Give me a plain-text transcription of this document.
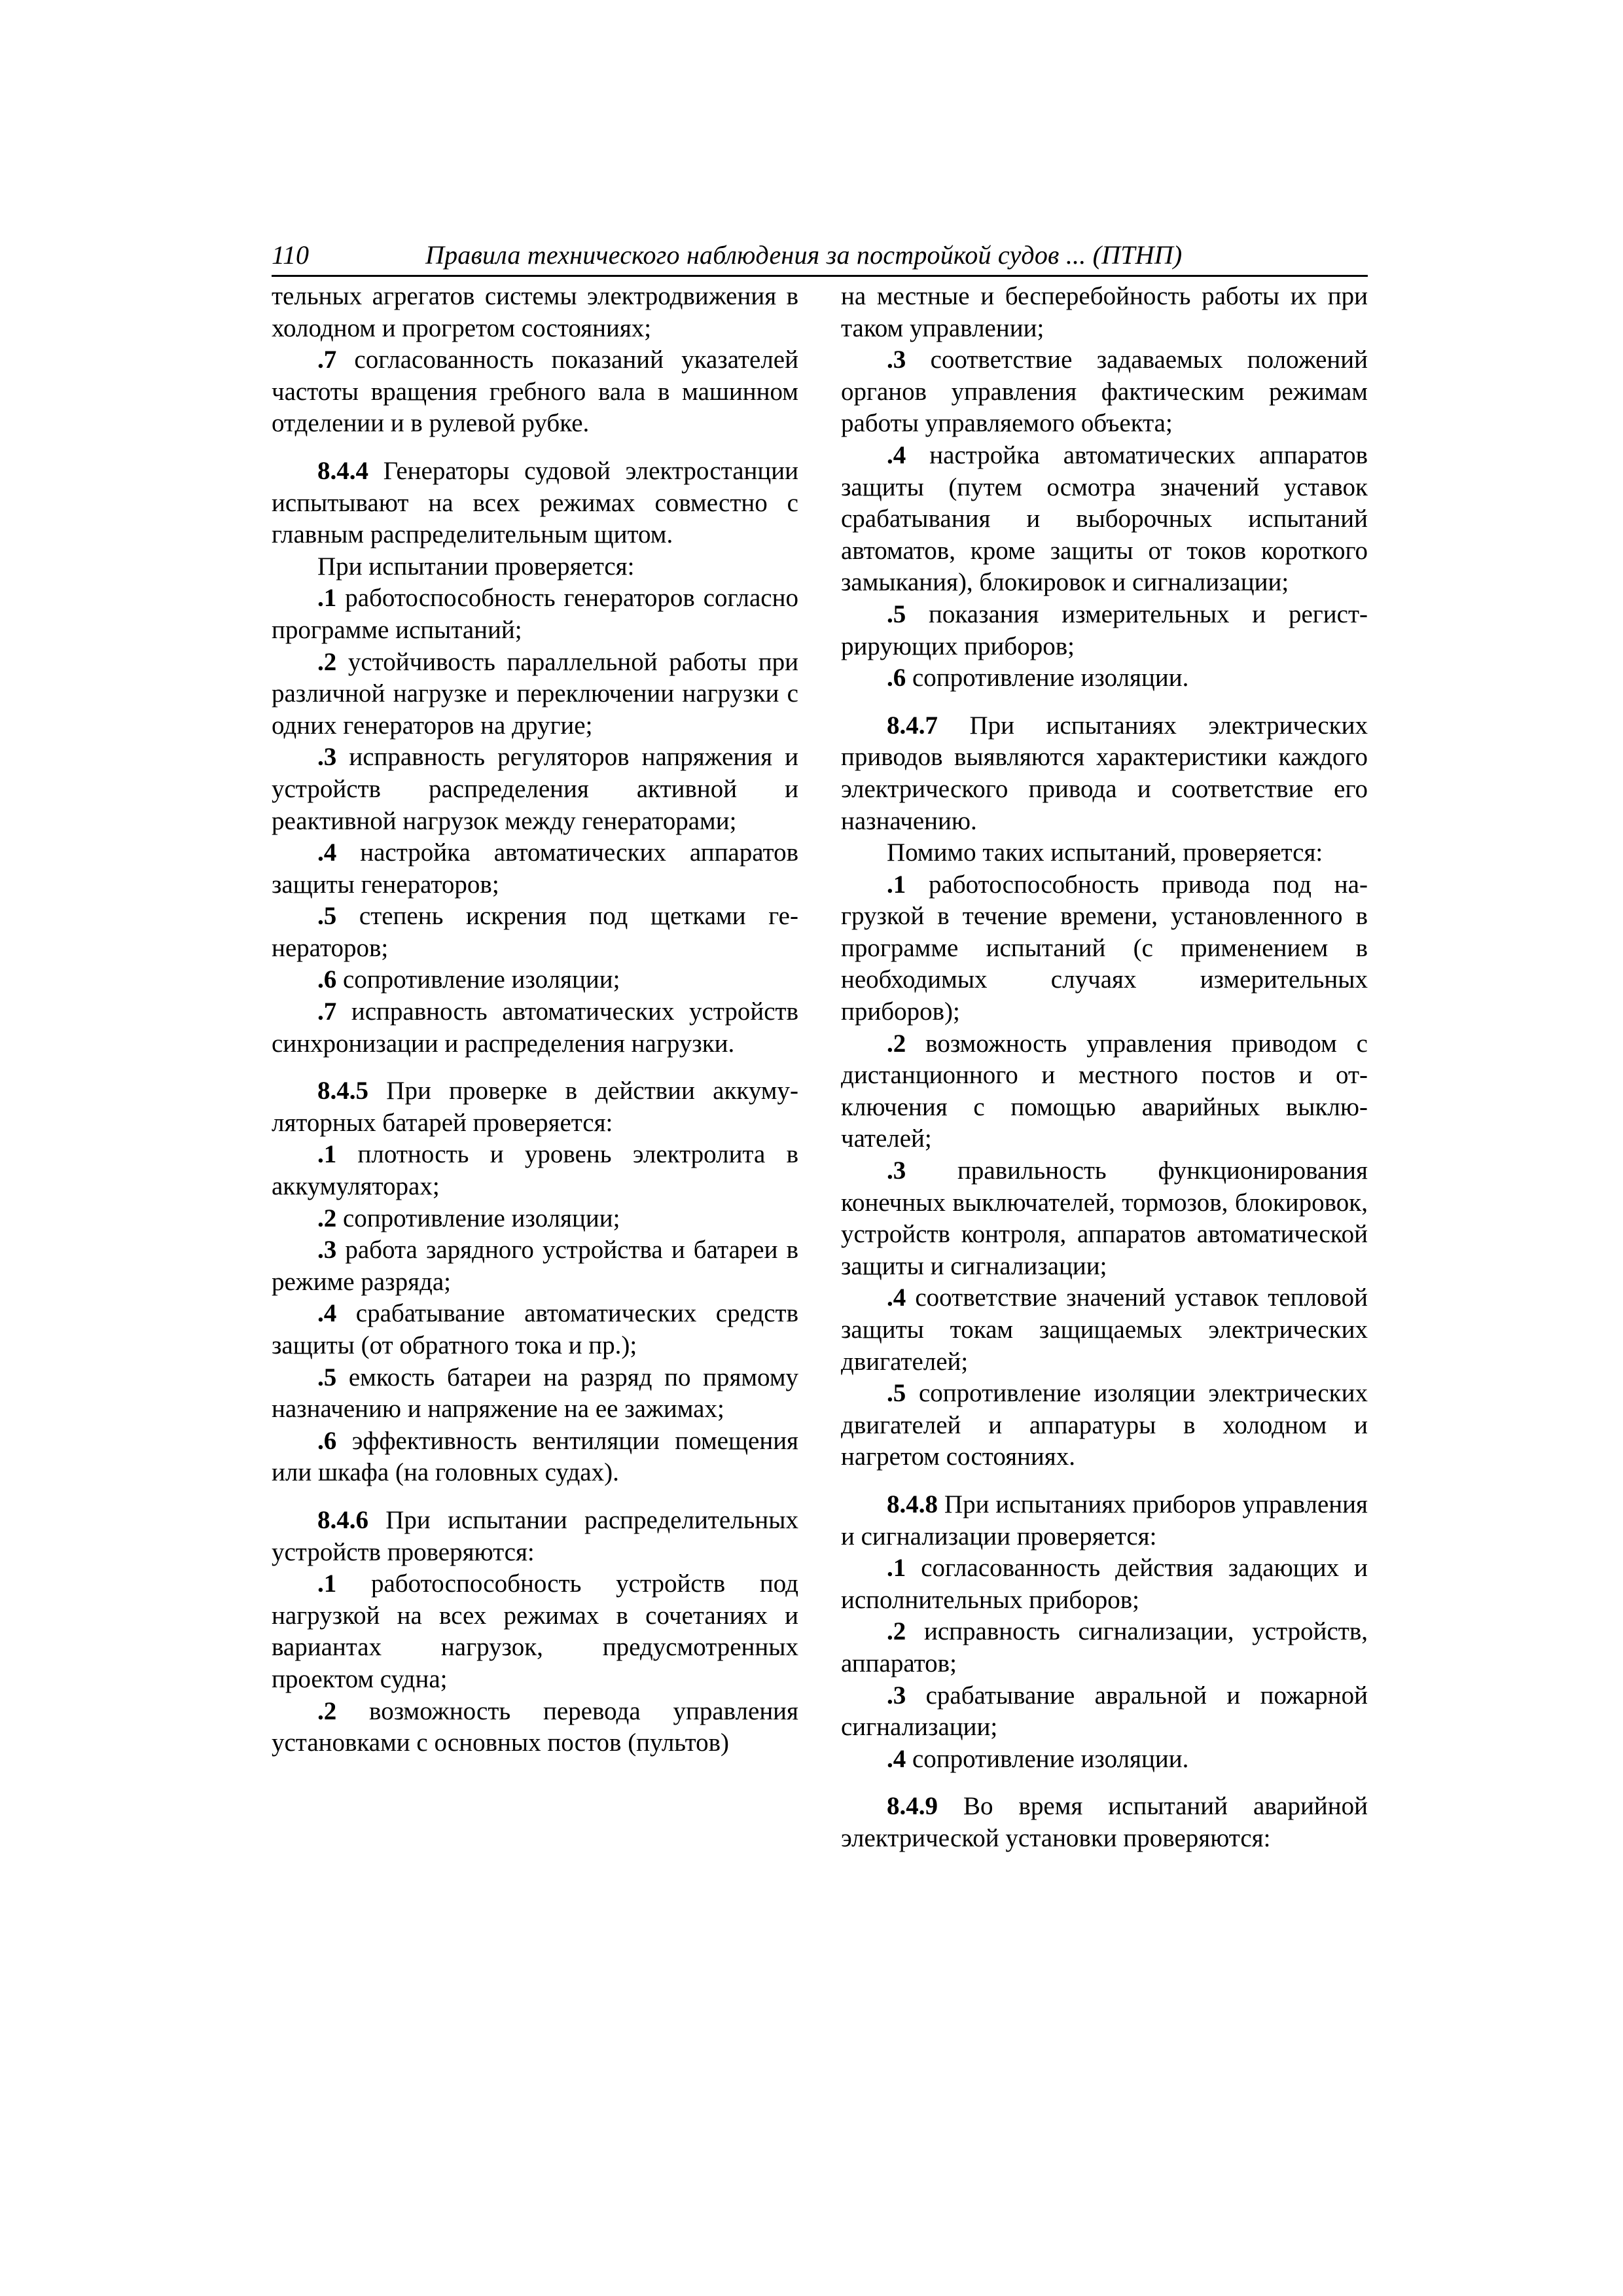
110	Правила технического наблюдения за постройкой судов ... (ПТНП)

тельных агрегатов системы электродвижения в холодном и прогретом состояниях;

.7 согласованность показаний указателей частоты вращения гребного вала в машинном отделении и в рулевой рубке.

8.4.4 Генераторы судовой электростанции испытывают на всех режимах совместно с главным распределительным щитом.

При испытании проверяется:

.1 работоспособность генераторов согласно программе испытаний;

.2 устойчивость параллельной работы при различной нагрузке и переключении нагрузки с одних генераторов на другие;

.3 исправность регуляторов напряжения и устройств распределения активной и реактивной нагрузок между генераторами;

.4 настройка автоматических аппаратов защиты генераторов;

.5 степень искрения под щетками генераторов;

.6 сопротивление изоляции;

.7 исправность автоматических устройств синхронизации и распределения нагрузки.

8.4.5 При проверке в действии аккумуляторных батарей проверяется:

.1 плотность и уровень электролита в аккумуляторах;

.2 сопротивление изоляции;

.3 работа зарядного устройства и батареи в режиме разряда;

.4 срабатывание автоматических средств защиты (от обратного тока и пр.);

.5 емкость батареи на разряд по прямому назначению и напряжение на ее зажимах;

.6 эффективность вентиляции помещения или шкафа (на головных судах).

8.4.6 При испытании распределительных устройств проверяются:

.1 работоспособность устройств под нагрузкой на всех режимах в сочетаниях и вариантах нагрузок, предусмотренных проектом судна;

.2 возможность перевода управления установками с основных постов (пультов)

на местные и бесперебойность работы их при таком управлении;

.3 соответствие задаваемых положений органов управления фактическим режимам работы управляемого объекта;

.4 настройка автоматических аппаратов защиты (путем осмотра значений уставок срабатывания и выборочных испытаний автоматов, кроме защиты от токов короткого замыкания), блокировок и сигнализации;

.5 показания измерительных и регистрирующих приборов;

.6 сопротивление изоляции.

8.4.7 При испытаниях электрических приводов выявляются характеристики каждого электрического привода и соответствие его назначению.

Помимо таких испытаний, проверяется:

.1 работоспособность привода под нагрузкой в течение времени, установленного в программе испытаний (с применением в необходимых случаях измерительных приборов);

.2 возможность управления приводом с дистанционного и местного постов и отключения с помощью аварийных выключателей;

.3 правильность функционирования конечных выключателей, тормозов, блокировок, устройств контроля, аппаратов автоматической защиты и сигнализации;

.4 соответствие значений уставок тепловой защиты токам защищаемых электрических двигателей;

.5 сопротивление изоляции электрических двигателей и аппаратуры в холодном и нагретом состояниях.

8.4.8 При испытаниях приборов управления и сигнализации проверяется:

.1 согласованность действия задающих и исполнительных приборов;

.2 исправность сигнализации, устройств, аппаратов;

.3 срабатывание авральной и пожарной сигнализации;

.4 сопротивление изоляции.

8.4.9 Во время испытаний аварийной электрической установки проверяются:
